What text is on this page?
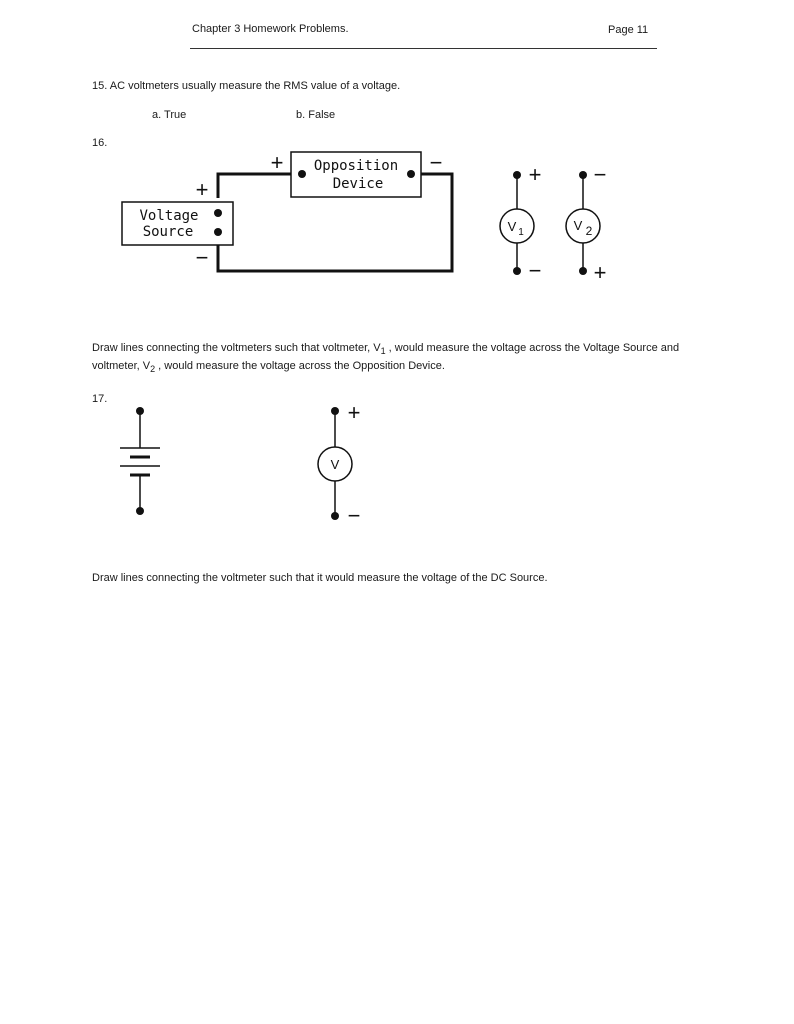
Chapter 3 Homework Problems.	Page 11
15. AC voltmeters usually measure the RMS value of a voltage.
a. True	b. False
16.
Opposition
Device
+	−
Voltage
Source
+
−
V 1
+
−
V 2
−
+
V
+
−
Draw lines connecting the voltmeters such that voltmeter, $V_1$ , would measure the voltage across the Voltage Source and
voltmeter, $V_2$ , would measure the voltage across the Opposition Device.
17.
Draw lines connecting the voltmeter such that it would measure the voltage of the DC Source.
